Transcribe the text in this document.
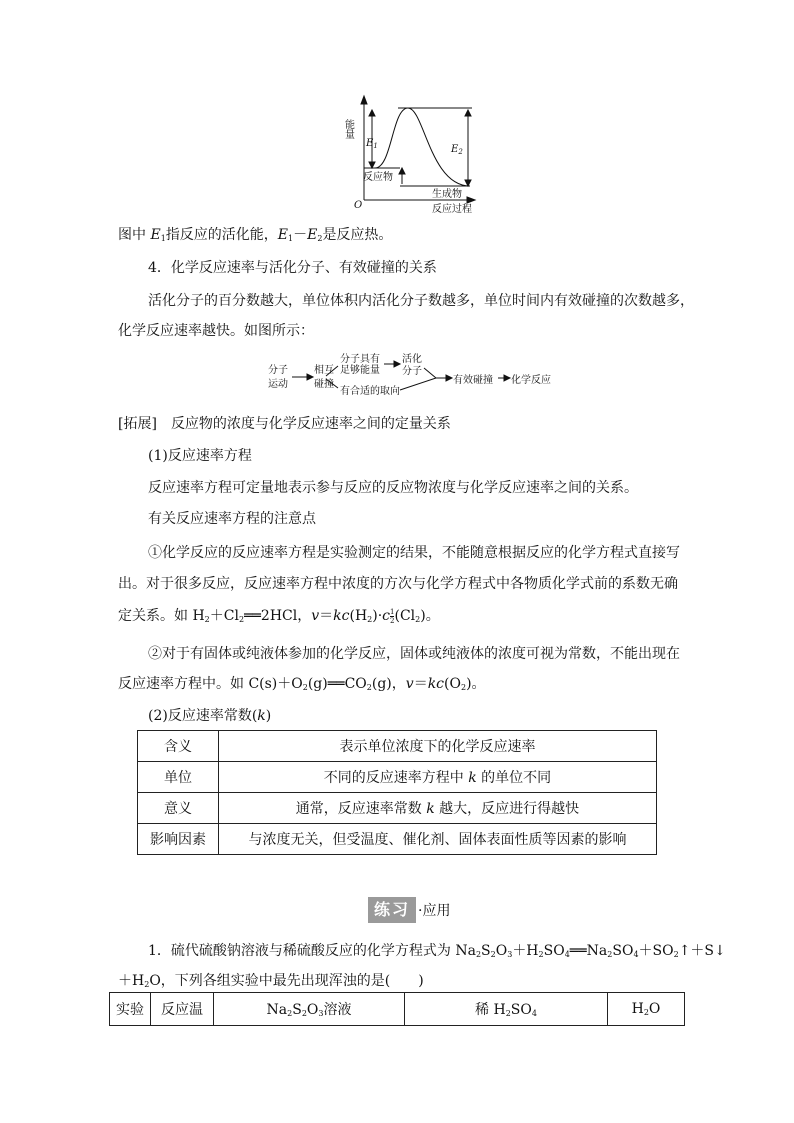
能量
$E_1$	$E_2$
反应物
生成物
反应过程
O
图中 $E_1$指反应的活化能，$E_1-E_2$是反应热。
4．化学反应速率与活化分子、有效碰撞的关系
活化分子的百分数越大，单位体积内活化分子数越多，单位时间内有效碰撞的次数越多，
化学反应速率越快。如图所示：
分子
运动
相互
碰撞
分子具有
足够能量
有合适的取向
活化
分子
有效碰撞 化学反应
[拓展]　 反应物的浓度与化学反应速率之间的定量关系
(1)反应速率方程
反应速率方程可定量地表示参与反应的反应物浓度与化学反应速率之间的关系。
有关反应速率方程的注意点
①化学反应的反应速率方程是实验测定的结果，不能随意根据反应的化学方程式直接写
出。对于很多反应，反应速率方程中浓度的方次与化学方程式中各物质化学式前的系数无确
定关系。如 $H_2+Cl_2══2HCl$，$v=kc(H_2)\cdot c \frac{1}{2} (Cl_2)$。
②对于有固体或纯液体参加的化学反应，固体或纯液体的浓度可视为常数，不能出现在
反应速率方程中。如 $C(s)+O_2(g)══CO_2(g)$，$v=kc(O_2)$。
(2)反应速率常数(k)
含义	表示单位浓度下的化学反应速率
单位	不同的反应速率方程中 k 的单位不同
意义	通常，反应速率常数 k 越大，反应进行得越快
影响因素	与浓度无关，但受温度、催化剂、固体表面性质等因素的影响
练习 ·应用
1．硫代硫酸钠溶液与稀硫酸反应的化学方程式为 $Na_2S_2O_3+H_2SO_4══Na_2SO_4+SO_2↑+S↓$
$+H_2O$，下列各组实验中最先出现浑浊的是(　　)
实验	反应温	$Na_2S_2O_3$溶液	稀 $H_2SO_4$	$H_2O$
